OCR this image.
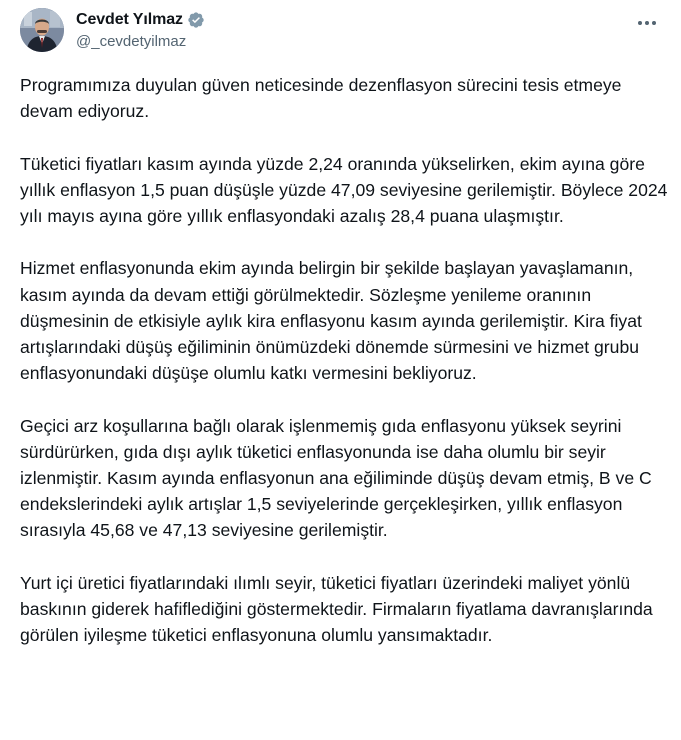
Cevdet Yılmaz
@_cevdetyilmaz

Programımıza duyulan güven neticesinde dezenflasyon sürecini tesis etmeye devam ediyoruz.

Tüketici fiyatları kasım ayında yüzde 2,24 oranında yükselirken, ekim ayına göre yıllık enflasyon 1,5 puan düşüşle yüzde 47,09 seviyesine gerilemiştir. Böylece 2024 yılı mayıs ayına göre yıllık enflasyondaki azalış 28,4 puana ulaşmıştır.

Hizmet enflasyonunda ekim ayında belirgin bir şekilde başlayan yavaşlamanın, kasım ayında da devam ettiği görülmektedir. Sözleşme yenileme oranının düşmesinin de etkisiyle aylık kira enflasyonu kasım ayında gerilemiştir. Kira fiyat artışlarındaki düşüş eğiliminin önümüzdeki dönemde sürmesini ve hizmet grubu enflasyonundaki düşüşe olumlu katkı vermesini bekliyoruz.

Geçici arz koşullarına bağlı olarak işlenmemiş gıda enflasyonu yüksek seyrini sürdürürken, gıda dışı aylık tüketici enflasyonunda ise daha olumlu bir seyir izlenmiştir. Kasım ayında enflasyonun ana eğiliminde düşüş devam etmiş, B ve C endekslerindeki aylık artışlar 1,5 seviyelerinde gerçekleşirken, yıllık enflasyon sırasıyla 45,68 ve 47,13 seviyesine gerilemiştir.

Yurt içi üretici fiyatlarındaki ılımlı seyir, tüketici fiyatları üzerindeki maliyet yönlü baskının giderek hafiflediğini göstermektedir. Firmaların fiyatlama davranışlarında görülen iyileşme tüketici enflasyonuna olumlu yansımaktadır.
